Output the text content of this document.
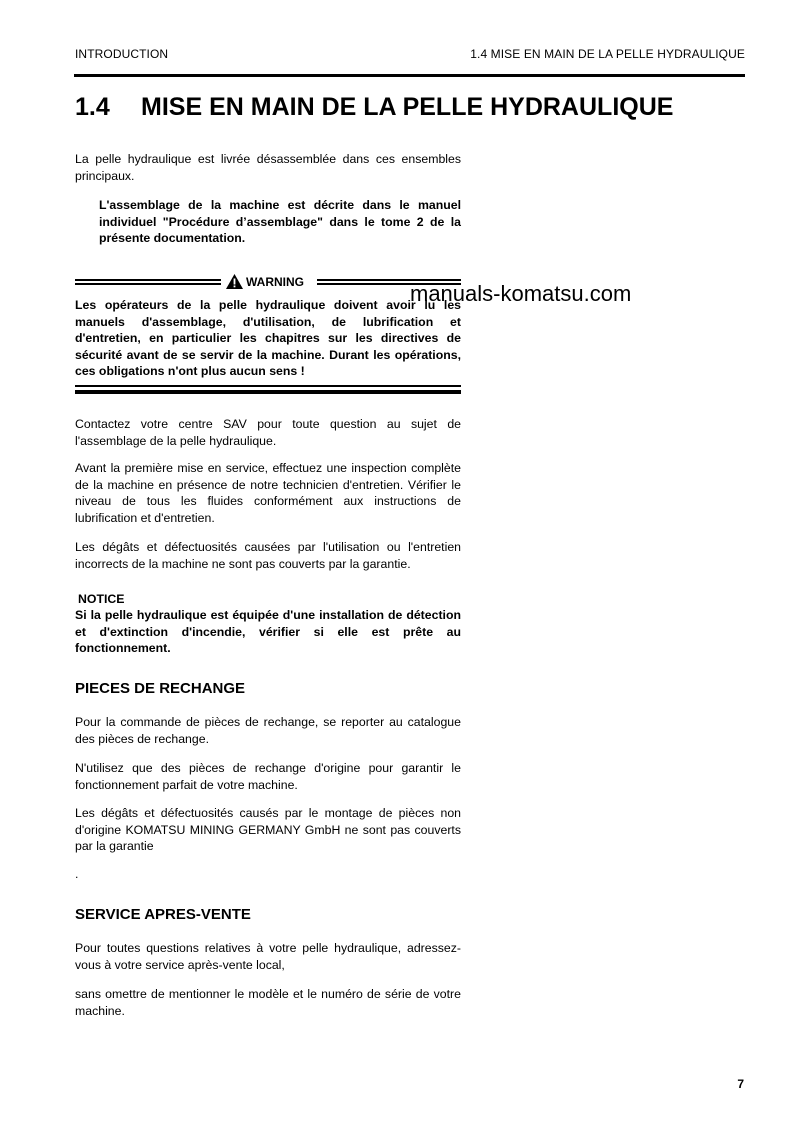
INTRODUCTION	1.4 MISE EN MAIN DE LA PELLE HYDRAULIQUE
1.4 MISE EN MAIN DE LA PELLE HYDRAULIQUE

La pelle hydraulique est livrée désassemblée dans ces ensembles principaux.

L'assemblage de la machine est décrite dans le manuel individuel "Procédure d’assemblage" dans le tome 2 de la présente documentation.

WARNING

Les opérateurs de la pelle hydraulique doivent avoir lu les manuels d'assemblage, d'utilisation, de lubrification et d'entretien, en particulier les chapitres sur les directives de sécurité avant de se servir de la machine. Durant les opérations, ces obligations n'ont plus aucun sens !

manuals-komatsu.com

Contactez votre centre SAV pour toute question au sujet de l'assemblage de la pelle hydraulique.

Avant la première mise en service, effectuez une inspection complète de la machine en présence de notre technicien d'entretien. Vérifier le niveau de tous les fluides conformément aux instructions de lubrification et d'entretien.

Les dégâts et défectuosités causées par l'utilisation ou l'entretien incorrects de la machine ne sont pas couverts par la garantie.

NOTICE

Si la pelle hydraulique est équipée d'une installation de détection et d'extinction d'incendie, vérifier si elle est prête au fonctionnement.

PIECES DE RECHANGE

Pour la commande de pièces de rechange, se reporter au catalogue des pièces de rechange.

N'utilisez que des pièces de rechange d'origine pour garantir le fonctionnement parfait de votre machine.

Les dégâts et défectuosités causés par le montage de pièces non d'origine KOMATSU MINING GERMANY GmbH ne sont pas couverts par la garantie

.

SERVICE APRES-VENTE

Pour toutes questions relatives à votre pelle hydraulique, adressez-vous à votre service après-vente local,

sans omettre de mentionner le modèle et le numéro de série de votre machine.

7
